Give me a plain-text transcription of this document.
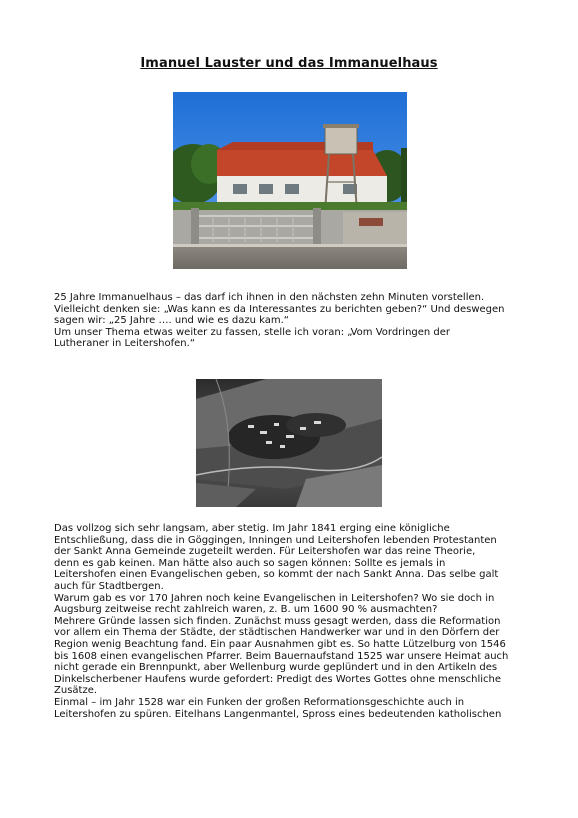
Imanuel Lauster und das Immanuelhaus

25 Jahre Immanuelhaus – das darf ich ihnen in den nächsten zehn Minuten vorstellen.
Vielleicht denken sie: „Was kann es da Interessantes zu berichten geben?“ Und deswegen
sagen wir: „25 Jahre …. und wie es dazu kam.“
Um unser Thema etwas weiter zu fassen, stelle ich voran: „Vom Vordringen der
Lutheraner in Leitershofen.“

Das vollzog sich sehr langsam, aber stetig. Im Jahr 1841 erging eine königliche
Entschließung, dass die in Göggingen, Inningen und Leitershofen lebenden Protestanten
der Sankt Anna Gemeinde zugeteilt werden. Für Leitershofen war das reine Theorie,
denn es gab keinen. Man hätte also auch so sagen können: Sollte es jemals in
Leitershofen einen Evangelischen geben, so kommt der nach Sankt Anna. Das selbe galt
auch für Stadtbergen.
Warum gab es vor 170 Jahren noch keine Evangelischen in Leitershofen? Wo sie doch in
Augsburg zeitweise recht zahlreich waren, z. B. um 1600 90 % ausmachten?
Mehrere Gründe lassen sich finden. Zunächst muss gesagt werden, dass die Reformation
vor allem ein Thema der Städte, der städtischen Handwerker war und in den Dörfern der
Region wenig Beachtung fand. Ein paar Ausnahmen gibt es. So hatte Lützelburg von 1546
bis 1608 einen evangelischen Pfarrer. Beim Bauernaufstand 1525 war unsere Heimat auch
nicht gerade ein Brennpunkt, aber Wellenburg wurde geplündert und in den Artikeln des
Dinkelscherbener Haufens wurde gefordert: Predigt des Wortes Gottes ohne menschliche
Zusätze.
Einmal – im Jahr 1528 war ein Funken der großen Reformationsgeschichte auch in
Leitershofen zu spüren. Eitelhans Langenmantel, Spross eines bedeutenden katholischen
